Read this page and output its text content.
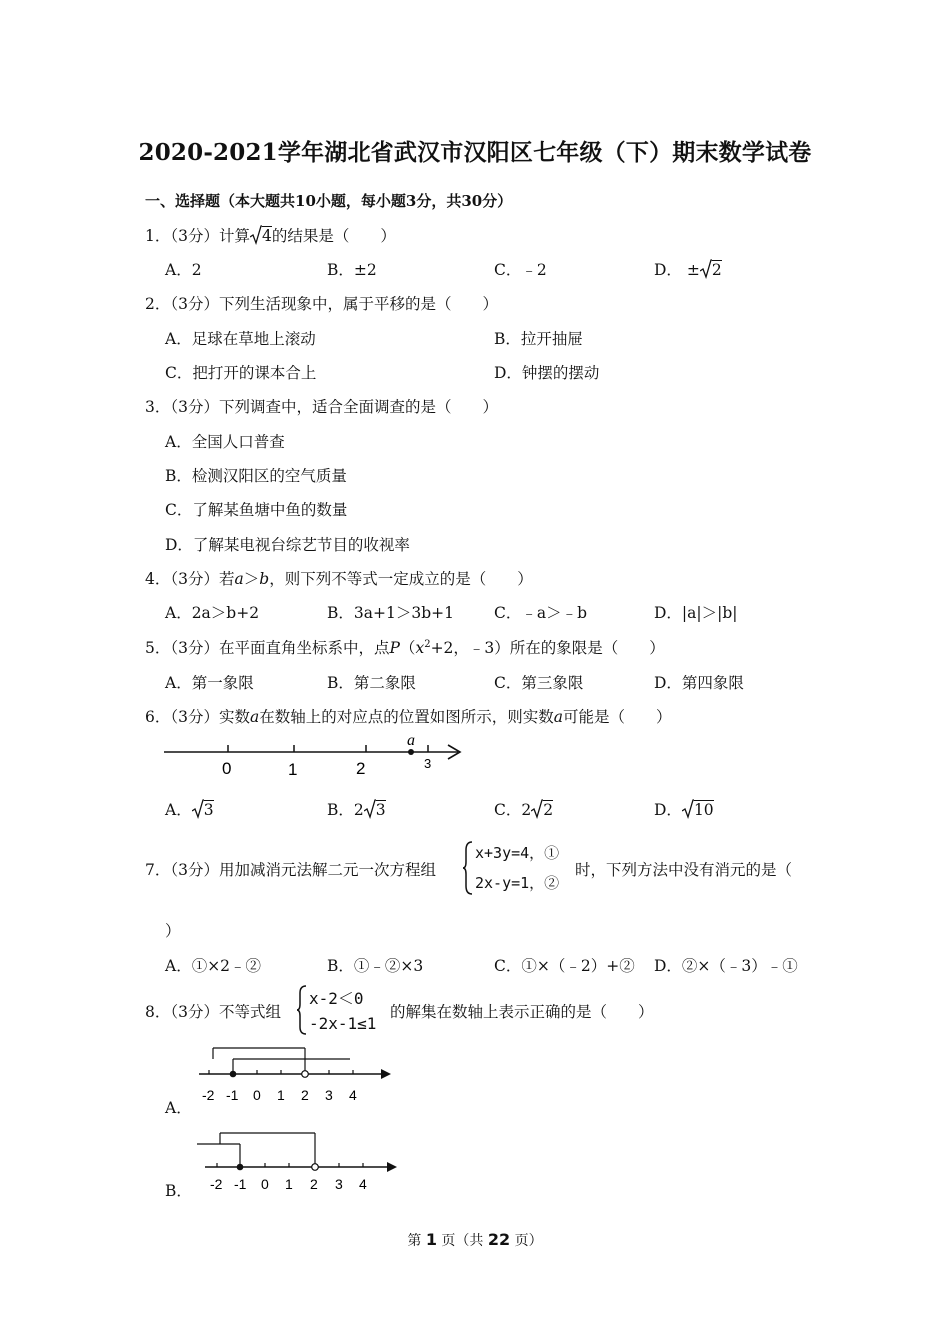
2020-2021学年湖北省武汉市汉阳区七年级（下）期末数学试卷
一、选择题（本大题共10小题，每小题3分，共30分）
1．（3分）计算 4的结果是（　　）
A．2	B．±2	C．﹣2	D． ± 2
2．（3分）下列生活现象中，属于平移的是（　　）
A．足球在草地上滚动	B．拉开抽屉
C．把打开的课本合上	D．钟摆的摆动
3．（3分）下列调查中，适合全面调查的是（　　）
A．全国人口普查
B．检测汉阳区的空气质量
C．了解某鱼塘中鱼的数量
D．了解某电视台综艺节目的收视率
4．（3分）若a＞b，则下列不等式一定成立的是（　　）
A．2a＞b+2	B．3a+1＞3b+1	C．﹣a＞﹣b	D．|a|＞|b|
5．（3分）在平面直角坐标系中，点$P(x^2+2$，﹣3）所在的象限是（　　）
A．第一象限	B．第二象限	C．第三象限	D．第四象限
6．（3分）实数a在数轴上的对应点的位置如图所示，则实数a可能是（　　）
0	1	2	3
a
A． 3	B．2 3	C．2 2	D． 10
7．（3分）用加减消元法解二元一次方程组
x+3y=4，①
2x-y=1，②
时，下列方法中没有消元的是（
）
A．①×2﹣②	B．①﹣②×3	C．①×（﹣2）+② D．②×（﹣3）﹣①
8．（3分）不等式组
x-2＜0
-2x-1≤1
的解集在数轴上表示正确的是（　　）
A．
-2 -1 0 1 2 3 4
B． -2 -1 0 1 2 3 4
第 1 页（共 22 页）
